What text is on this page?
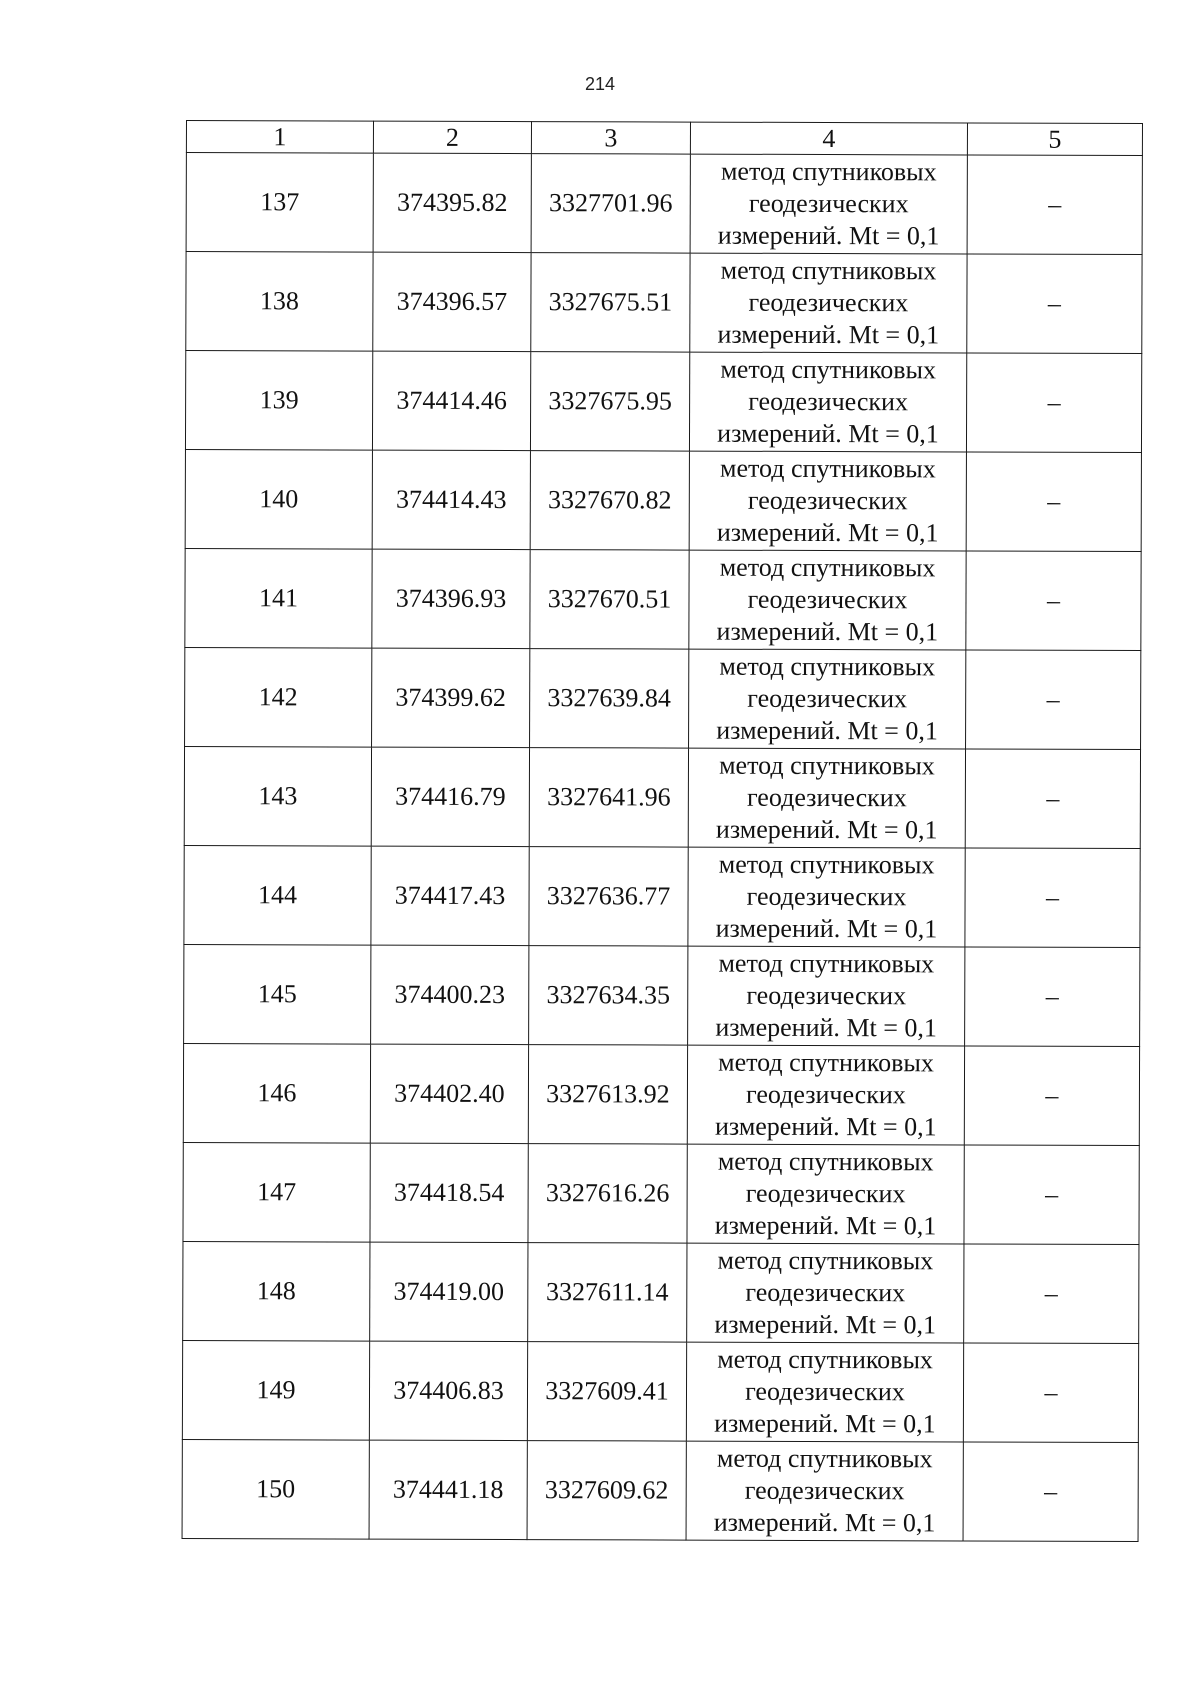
214
1	2	3	4	5
137	374395.82	3327701.96	метод спутниковых
геодезических
измерений. Mt = 0,1	–
138	374396.57	3327675.51	метод спутниковых
геодезических
измерений. Mt = 0,1	–
139	374414.46	3327675.95	метод спутниковых
геодезических
измерений. Mt = 0,1	–
140	374414.43	3327670.82	метод спутниковых
геодезических
измерений. Mt = 0,1	–
141	374396.93	3327670.51	метод спутниковых
геодезических
измерений. Mt = 0,1	–
142	374399.62	3327639.84	метод спутниковых
геодезических
измерений. Mt = 0,1	–
143	374416.79	3327641.96	метод спутниковых
геодезических
измерений. Mt = 0,1	–
144	374417.43	3327636.77	метод спутниковых
геодезических
измерений. Mt = 0,1	–
145	374400.23	3327634.35	метод спутниковых
геодезических
измерений. Mt = 0,1	–
146	374402.40	3327613.92	метод спутниковых
геодезических
измерений. Mt = 0,1	–
147	374418.54	3327616.26	метод спутниковых
геодезических
измерений. Mt = 0,1	–
148	374419.00	3327611.14	метод спутниковых
геодезических
измерений. Mt = 0,1	–
149	374406.83	3327609.41	метод спутниковых
геодезических
измерений. Mt = 0,1	–
150	374441.18	3327609.62	метод спутниковых
геодезических
измерений. Mt = 0,1	–
